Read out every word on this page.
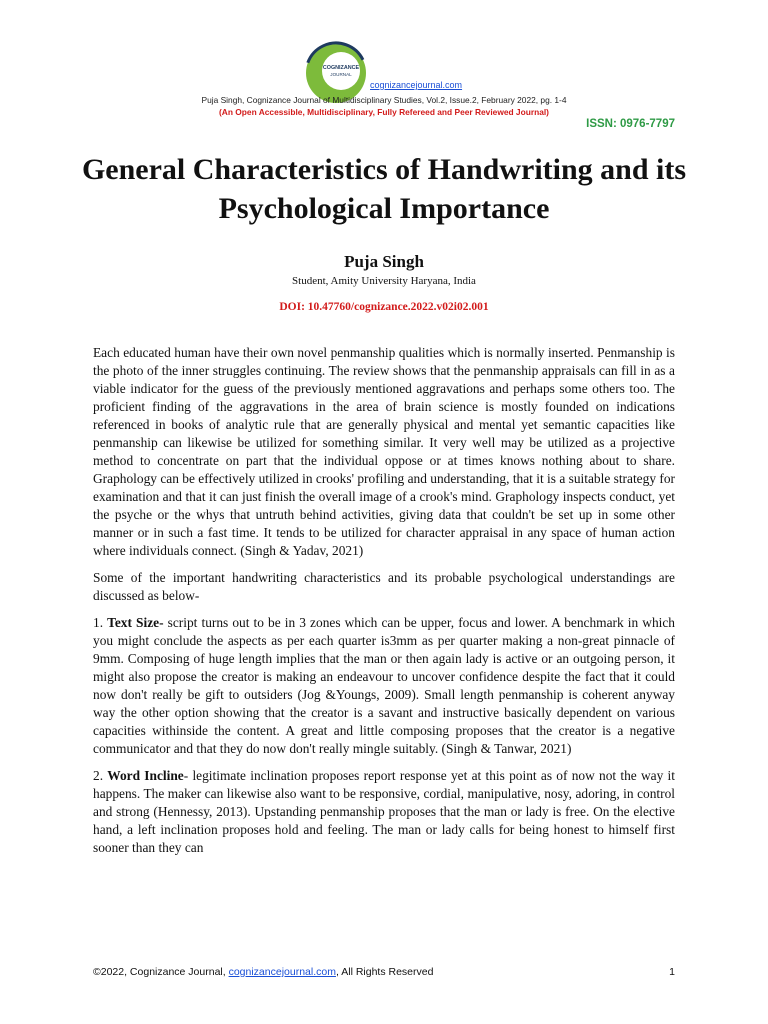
COGNIZANCE
JOURNAL
cognizancejournal.com
Puja Singh, Cognizance Journal of Multidisciplinary Studies, Vol.2, Issue.2, February 2022, pg. 1-4
(An Open Accessible, Multidisciplinary, Fully Refereed and Peer Reviewed Journal)
ISSN: 0976-7797
General Characteristics of Handwriting and its Psychological Importance
Puja Singh
Student, Amity University Haryana, India
DOI: 10.47760/cognizance.2022.v02i02.001

Each educated human have their own novel penmanship qualities which is normally inserted. Penmanship is the photo of the inner struggles continuing. The review shows that the penmanship appraisals can fill in as a viable indicator for the guess of the previously mentioned aggravations and perhaps some others too. The proficient finding of the aggravations in the area of brain science is mostly founded on indications referenced in books of analytic rule that are generally physical and mental yet semantic capacities like penmanship can likewise be utilized for something similar. It very well may be utilized as a projective method to concentrate on part that the individual oppose or at times knows nothing about to share. Graphology can be effectively utilized in crooks' profiling and understanding, that it is a suitable strategy for examination and that it can just finish the overall image of a crook's mind. Graphology inspects conduct, yet the psyche or the whys that untruth behind activities, giving data that couldn't be set up in some other manner or in such a fast time. It tends to be utilized for character appraisal in any space of human action where individuals connect. (Singh & Yadav, 2021)

Some of the important handwriting characteristics and its probable psychological understandings are discussed as below-

1. Text Size- script turns out to be in 3 zones which can be upper, focus and lower. A benchmark in which you might conclude the aspects as per each quarter is3mm as per quarter making a non-great pinnacle of 9mm. Composing of huge length implies that the man or then again lady is active or an outgoing person, it might also propose the creator is making an endeavour to uncover confidence despite the fact that it could now don't really be gift to outsiders (Jog &Youngs, 2009). Small length penmanship is coherent anyway way the other option showing that the creator is a savant and instructive basically dependent on various capacities withinside the content. A great and little composing proposes that the creator is a negative communicator and that they do now don't really mingle suitably. (Singh & Tanwar, 2021)

2. Word Incline- legitimate inclination proposes report response yet at this point as of now not the way it happens. The maker can likewise also want to be responsive, cordial, manipulative, nosy, adoring, in control and strong (Hennessy, 2013). Upstanding penmanship proposes that the man or lady is free. On the elective hand, a left inclination proposes hold and feeling. The man or lady calls for being honest to himself first sooner than they can

©2022, Cognizance Journal, cognizancejournal.com, All Rights Reserved	1
